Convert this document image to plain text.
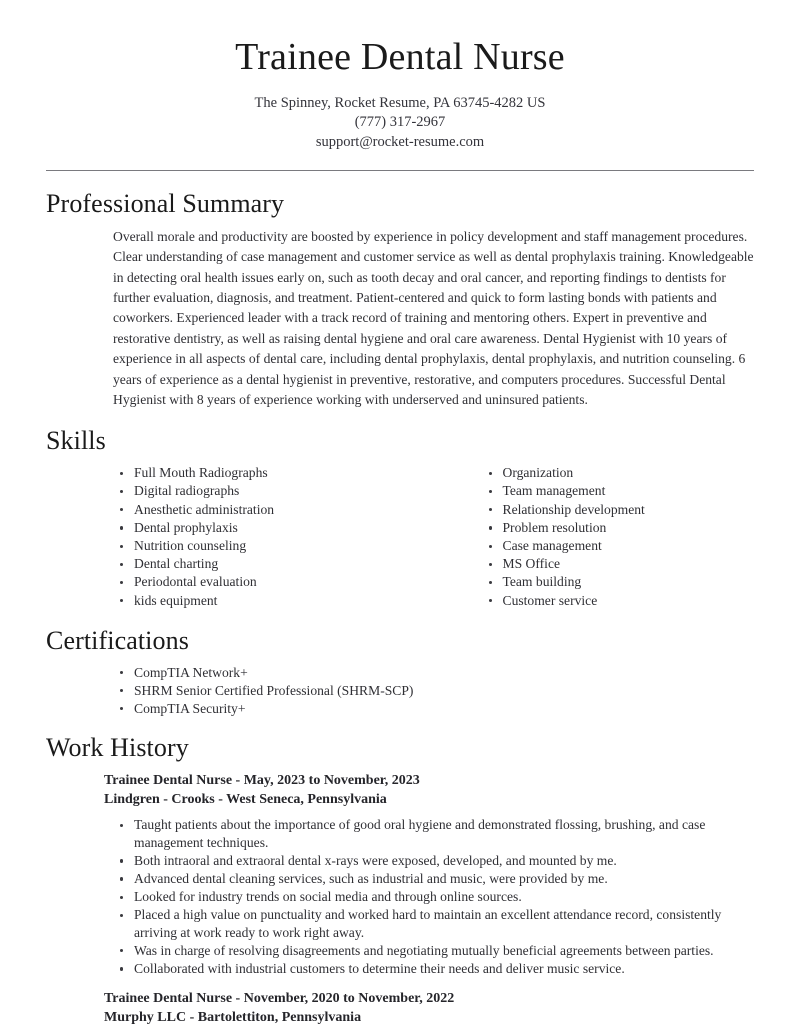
Trainee Dental Nurse
The Spinney, Rocket Resume, PA 63745-4282 US
(777) 317-2967
support@rocket-resume.com
Professional Summary

Overall morale and productivity are boosted by experience in policy development and staff management procedures. Clear understanding of case management and customer service as well as dental prophylaxis training. Knowledgeable in detecting oral health issues early on, such as tooth decay and oral cancer, and reporting findings to dentists for further evaluation, diagnosis, and treatment. Patient-centered and quick to form lasting bonds with patients and coworkers. Experienced leader with a track record of training and mentoring others. Expert in preventive and restorative dentistry, as well as raising dental hygiene and oral care awareness. Dental Hygienist with 10 years of experience in all aspects of dental care, including dental prophylaxis, dental prophylaxis, and nutrition counseling. 6 years of experience as a dental hygienist in preventive, restorative, and computers procedures. Successful Dental Hygienist with 8 years of experience working with underserved and uninsured patients.

Skills
Full Mouth Radiographs
Digital radiographs
Anesthetic administration
Dental prophylaxis
Nutrition counseling
Dental charting
Periodontal evaluation
kids equipment
Organization
Team management
Relationship development
Problem resolution
Case management
MS Office
Team building
Customer service
Certifications
CompTIA Network+
SHRM Senior Certified Professional (SHRM-SCP)
CompTIA Security+
Work History
Trainee Dental Nurse - May, 2023 to November, 2023
Lindgren - Crooks - West Seneca, Pennsylvania
Taught patients about the importance of good oral hygiene and demonstrated flossing, brushing, and case management techniques.
Both intraoral and extraoral dental x-rays were exposed, developed, and mounted by me.
Advanced dental cleaning services, such as industrial and music, were provided by me.
Looked for industry trends on social media and through online sources.
Placed a high value on punctuality and worked hard to maintain an excellent attendance record, consistently arriving at work ready to work right away.
Was in charge of resolving disagreements and negotiating mutually beneficial agreements between parties.
Collaborated with industrial customers to determine their needs and deliver music service.
Trainee Dental Nurse - November, 2020 to November, 2022
Murphy LLC - Bartolettiton, Pennsylvania
